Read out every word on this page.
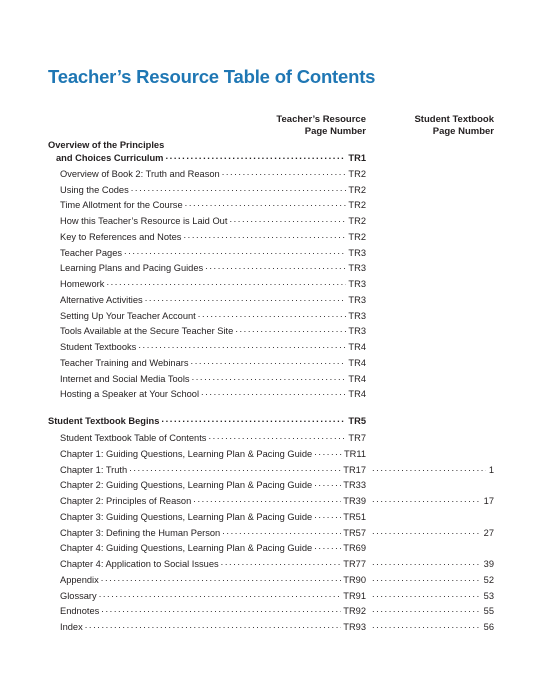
Teacher’s Resource Table of Contents
Teacher’s Resource
Page Number
Student Textbook
Page Number
Overview of the Principles
and Choices Curriculum .....	TR1
Overview of Book 2: Truth and Reason .....	TR2
Using the Codes .....	TR2
Time Allotment for the Course .....	TR2
How this Teacher’s Resource is Laid Out .....	TR2
Key to References and Notes .....	TR2
Teacher Pages .....	TR3
Learning Plans and Pacing Guides .....	TR3
Homework .....	TR3
Alternative Activities .....	TR3
Setting Up Your Teacher Account .....	TR3
Tools Available at the Secure Teacher Site .....	TR3
Student Textbooks .....	TR4
Teacher Training and Webinars .....	TR4
Internet and Social Media Tools .....	TR4
Hosting a Speaker at Your School .....	TR4
Student Textbook Begins .....	TR5
Student Textbook Table of Contents .....	TR7
Chapter 1: Guiding Questions, Learning Plan & Pacing Guide .....	TR11
Chapter 1: Truth .....	TR17 .....	1
Chapter 2: Guiding Questions, Learning Plan & Pacing Guide .....	TR33
Chapter 2: Principles of Reason .....	TR39 .....	17
Chapter 3: Guiding Questions, Learning Plan & Pacing Guide .....	TR51
Chapter 3: Defining the Human Person .....	TR57 .....	27
Chapter 4: Guiding Questions, Learning Plan & Pacing Guide .....	TR69
Chapter 4: Application to Social Issues .....	TR77 .....	39
Appendix .....	TR90 .....	52
Glossary .....	TR91 .....	53
Endnotes .....	TR92 .....	55
Index .....	TR93 .....	56
